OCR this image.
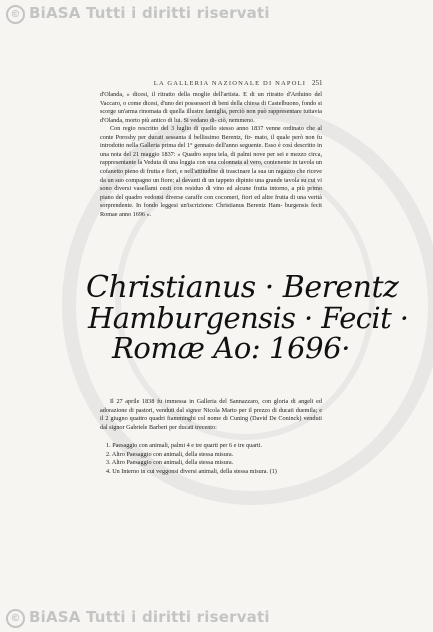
© BiASA Tutti i diritti riservati
LA GALLERIA NAZIONALE DI NAPOLI 251
d'Olanda, » dicesi, il ritratto della moglie dell'artista. E di un ritratto d'Arduino del Vaccaro, o come dicesi, d'uno dei possessori di beni della chiesa di Castelbuono, fondo si scorge un'arma rinomata di quella illustre famiglia, perciò non può rappresentare tuttavia d'Olanda, morto più antico di lui. Si vedano di- ciò, nemmeno.
Con regio rescritto del 3 luglio di quello stesso anno 1837 venne ordinato che al conte Poroshy per ducati sessanta il bellissimo Berentz, fir- mato, il quale però non fu introdotto nella Galleria prima del 1° gennaio dell'anno seguente. Esso è così descritto in una nota del 21 maggio 1837: « Quadro sopra tela, di palmi nove per sei e mezzo circa, rappresentante la Veduta di una loggia con una colonnata al vero, contenente in tavola un cofanetto pieno di frutta e fiori, e nell'attitudine di trascinare la sua un ragazzo che riceve da un suo compagno un fiore; al davanti di un tappeto dipinto una grande tavola su cui vi sono diversi vasellami cesti con residuo di vino ed alcune frutta intorno, a più primo piano del quadro vedonsi diverse caraffe con cocomeri, fiori ed altre frutta di una verità sorprendente. In fondo leggesi un'iscrizione: Christianus Berentz Ham- burgensis fecit Romae anno 1696 ».
Christianus · Berentz
Hamburgensis · Fecit ·
Romæ Ao: 1696·
Il 27 aprile 1838 fu immessa in Galleria del Sannazzaro, con gloria di angeli ed adorazione di pastori, venduti dal signor Nicola Marto per il prezzo di ducati duemila; e il 2 giugno quattro quadri fiamminghi col nome di Cuning (David De Coninck) venduti dal signor Gabriele Barberi per ducati trecento:
1. Paesaggio con animali, palmi 4 e tre quarti per 6 e tre quarti.
2. Altro Paesaggio con animali, della stessa misura.
3. Altro Paesaggio con animali, della stessa misura.
4. Un Interno in cui veggonsi diversi animali, della stessa misura. (1)
© BiASA Tutti i diritti riservati
